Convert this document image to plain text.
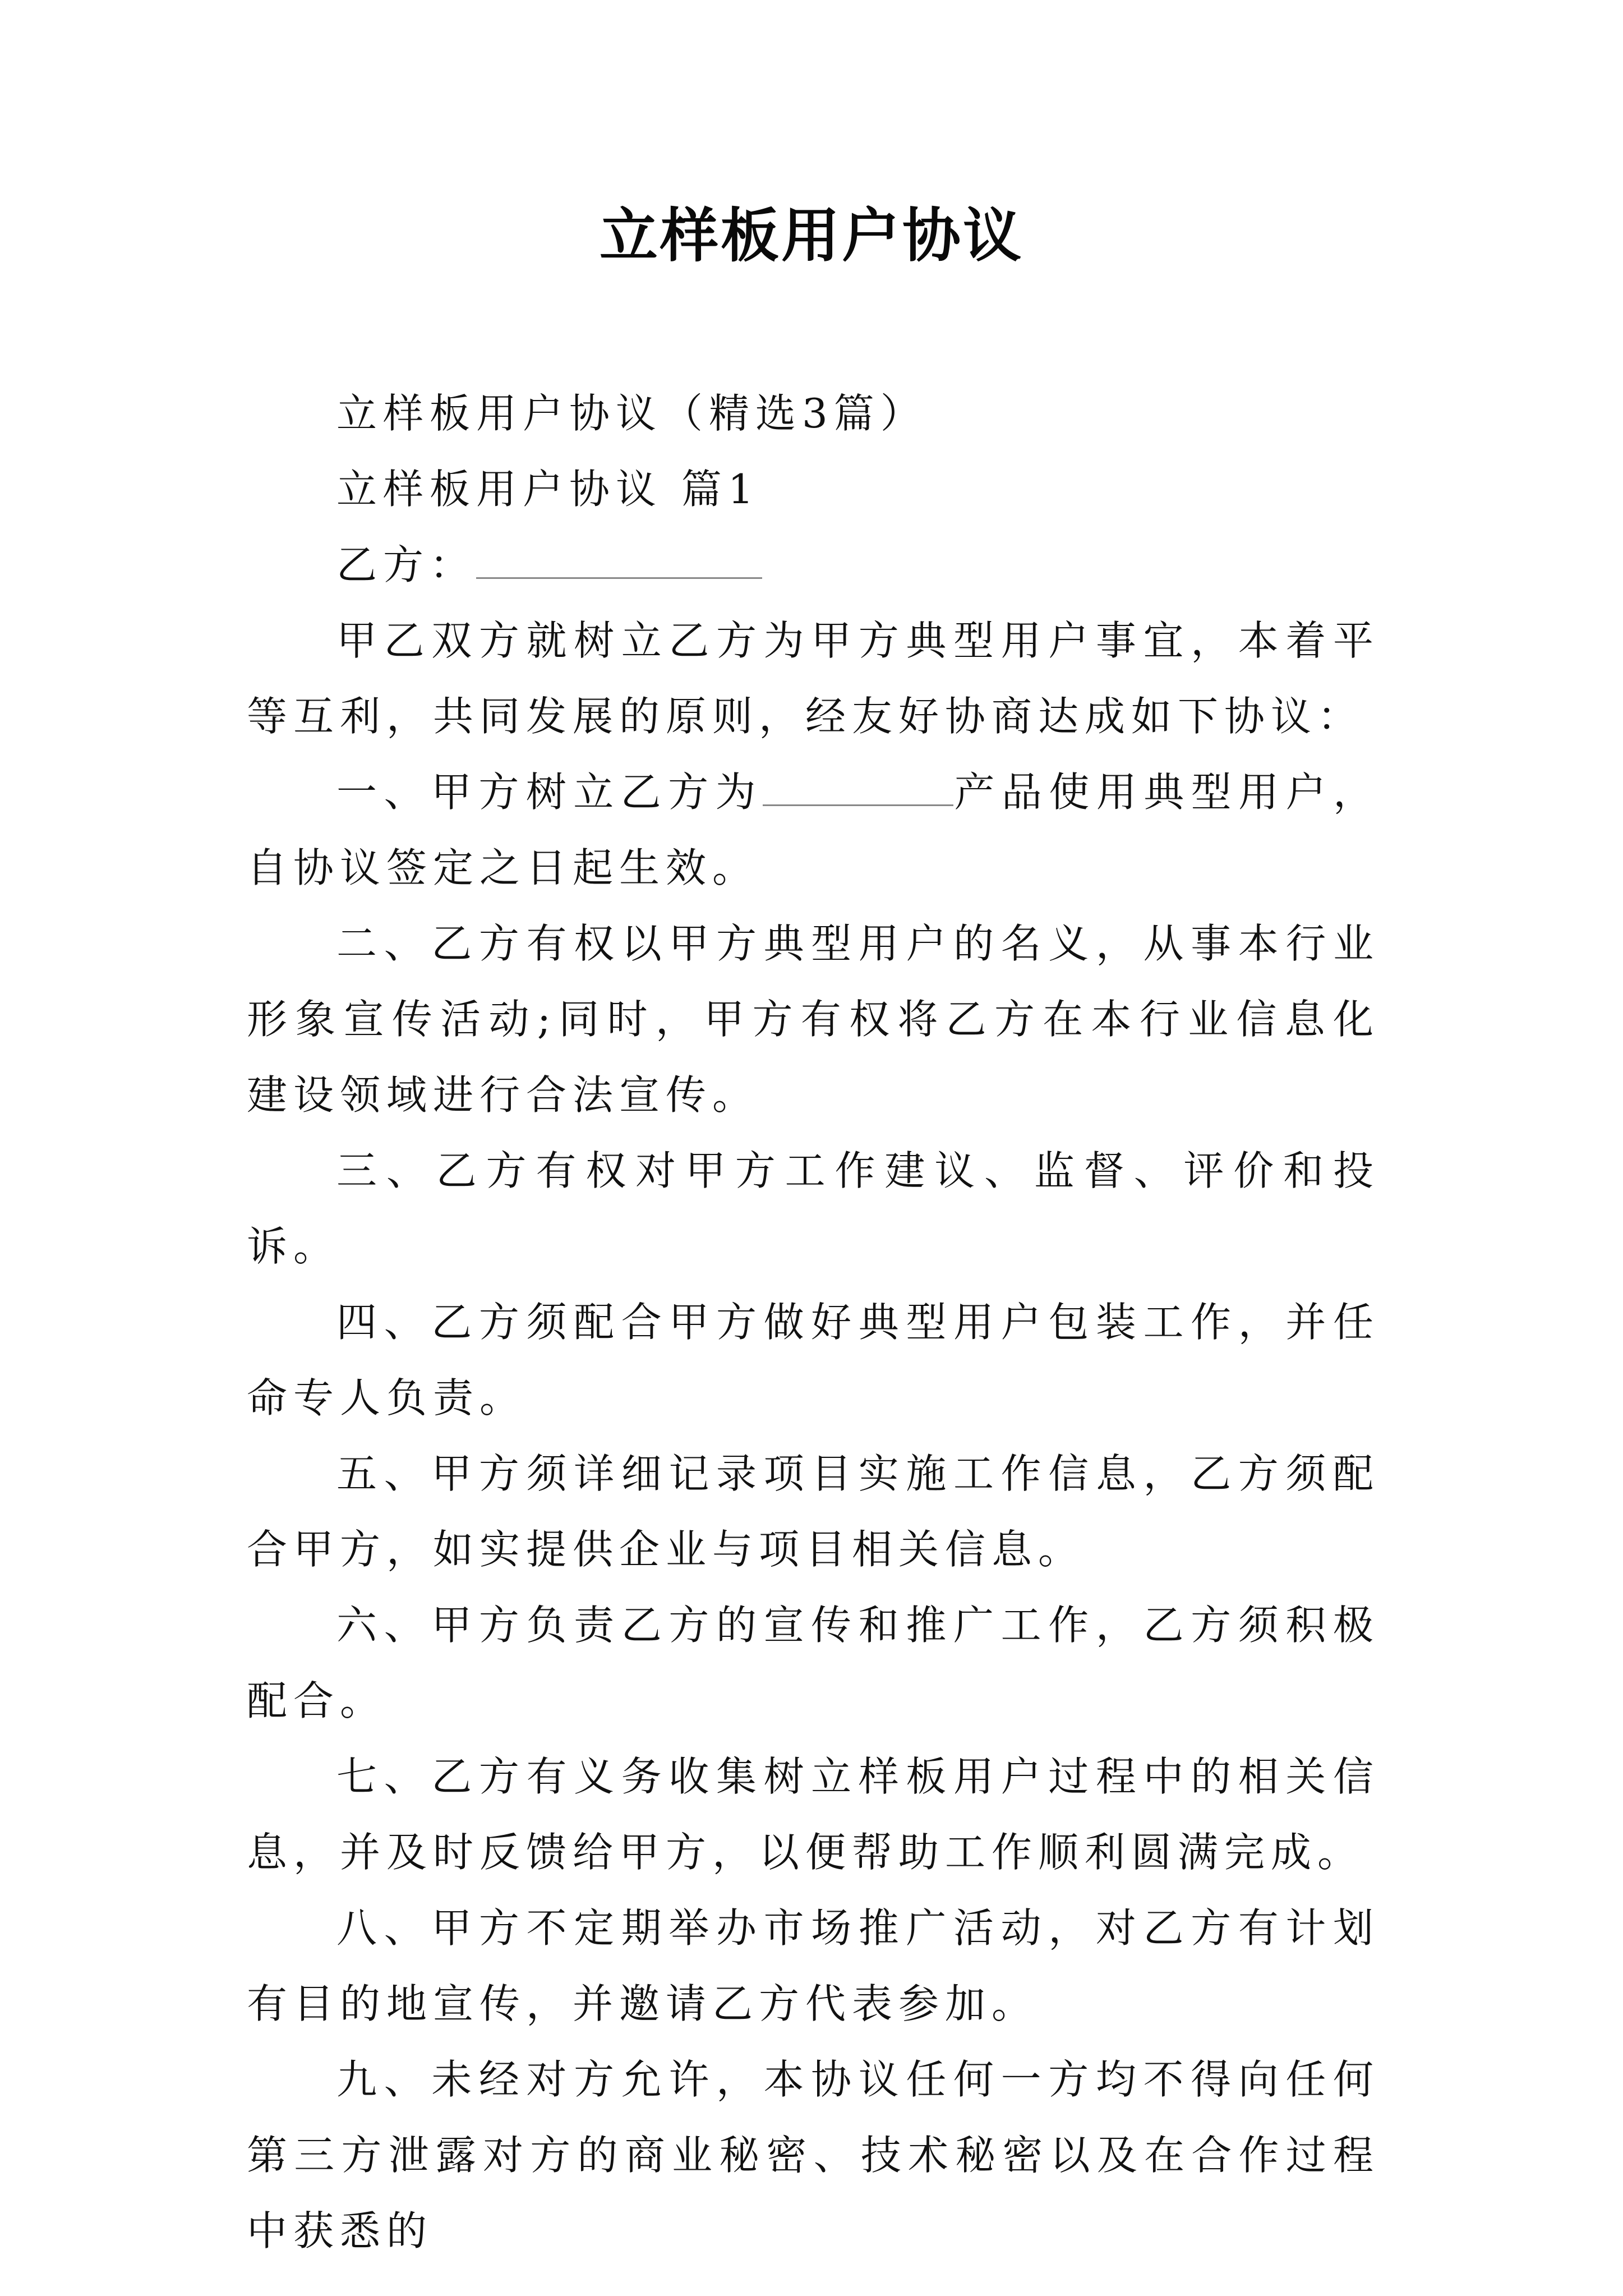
立样板用户协议

立样板用户协议（精选3篇）

立样板用户协议 篇1

乙方：

甲乙双方就树立乙方为甲方典型用户事宜，本着平等互利，共同发展的原则，经友好协商达成如下协议：

一、甲方树立乙方为	产品使用典型用户，自协议签定之日起生效。

二、乙方有权以甲方典型用户的名义，从事本行业形象宣传活动;同时，甲方有权将乙方在本行业信息化建设领域进行合法宣传。

三、乙方有权对甲方工作建议、监督、评价和投诉。

四、乙方须配合甲方做好典型用户包装工作，并任命专人负责。

五、甲方须详细记录项目实施工作信息，乙方须配合甲方，如实提供企业与项目相关信息。

六、甲方负责乙方的宣传和推广工作，乙方须积极配合。

七、乙方有义务收集树立样板用户过程中的相关信息，并及时反馈给甲方，以便帮助工作顺利圆满完成。

八、甲方不定期举办市场推广活动，对乙方有计划有目的地宣传，并邀请乙方代表参加。

九、未经对方允许，本协议任何一方均不得向任何第三方泄露对方的商业秘密、技术秘密以及在合作过程中获悉的
